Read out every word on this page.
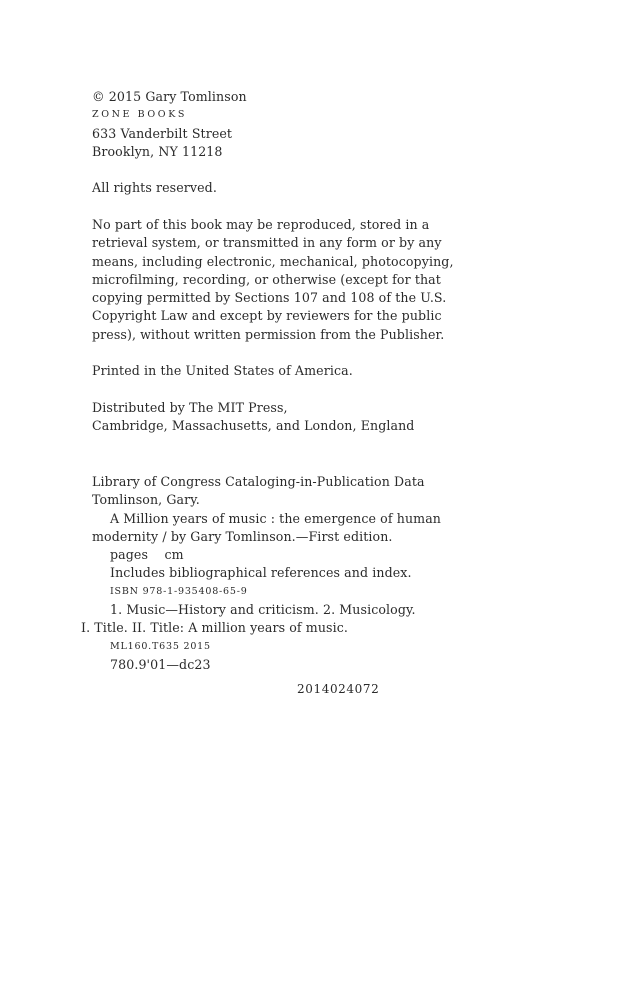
© 2015 Gary Tomlinson
ZONE BOOKS
633 Vanderbilt Street
Brooklyn, NY 11218
All rights reserved.
No part of this book may be reproduced, stored in a
retrieval system, or transmitted in any form or by any
means, including electronic, mechanical, photocopying,
microfilming, recording, or otherwise (except for that
copying permitted by Sections 107 and 108 of the U.S.
Copyright Law and except by reviewers for the public
press), without written permission from the Publisher.
Printed in the United States of America.
Distributed by The MIT Press,
Cambridge, Massachusetts, and London, England
Library of Congress Cataloging-in-Publication Data
Tomlinson, Gary.
A Million years of music : the emergence of human
modernity / by Gary Tomlinson.—First edition.
pages    cm
Includes bibliographical references and index.
ISBN 978-1-935408-65-9
1. Music—History and criticism. 2. Musicology.
I. Title. II. Title: A million years of music.
ML160.T635 2015
780.9'01—dc23
2014024072
